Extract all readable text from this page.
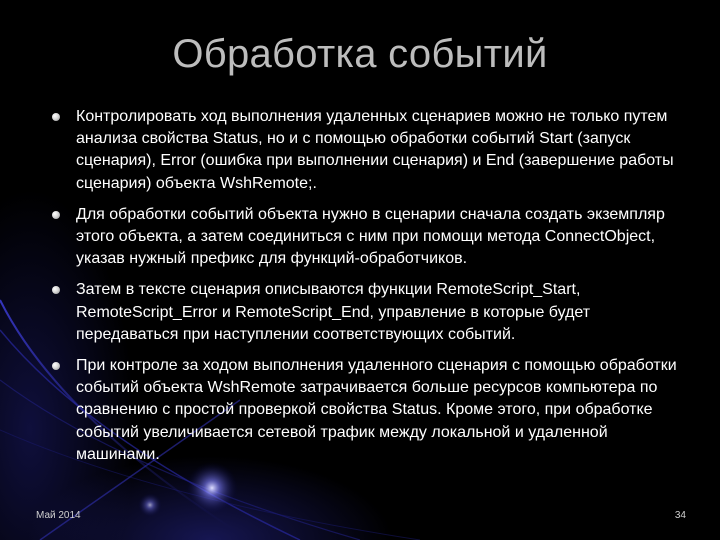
Обработка событий
Контролировать ход выполнения удаленных сценариев можно не только путем анализа свойства Status, но и с помощью обработки событий Start (запуск сценария), Error (ошибка при выполнении сценария) и End (завершение работы сценария) объекта WshRemote;.
Для обработки событий объекта нужно в сценарии сначала создать экземпляр этого объекта, а затем соединиться с ним при помощи метода ConnectObject, указав нужный префикс для функций-обработчиков.
Затем в тексте сценария описываются функции RemoteScript_Start, RemoteScript_Error и RemoteScript_End, управление в которые будет передаваться при наступлении соответствующих событий.
При контроле за ходом выполнения удаленного сценария с помощью обработки событий объекта WshRemote затрачивается больше ресурсов компьютера по сравнению с простой проверкой свойства Status. Кроме этого, при обработке событий увеличивается сетевой трафик между локальной и удаленной машинами.
Май 2014	34
